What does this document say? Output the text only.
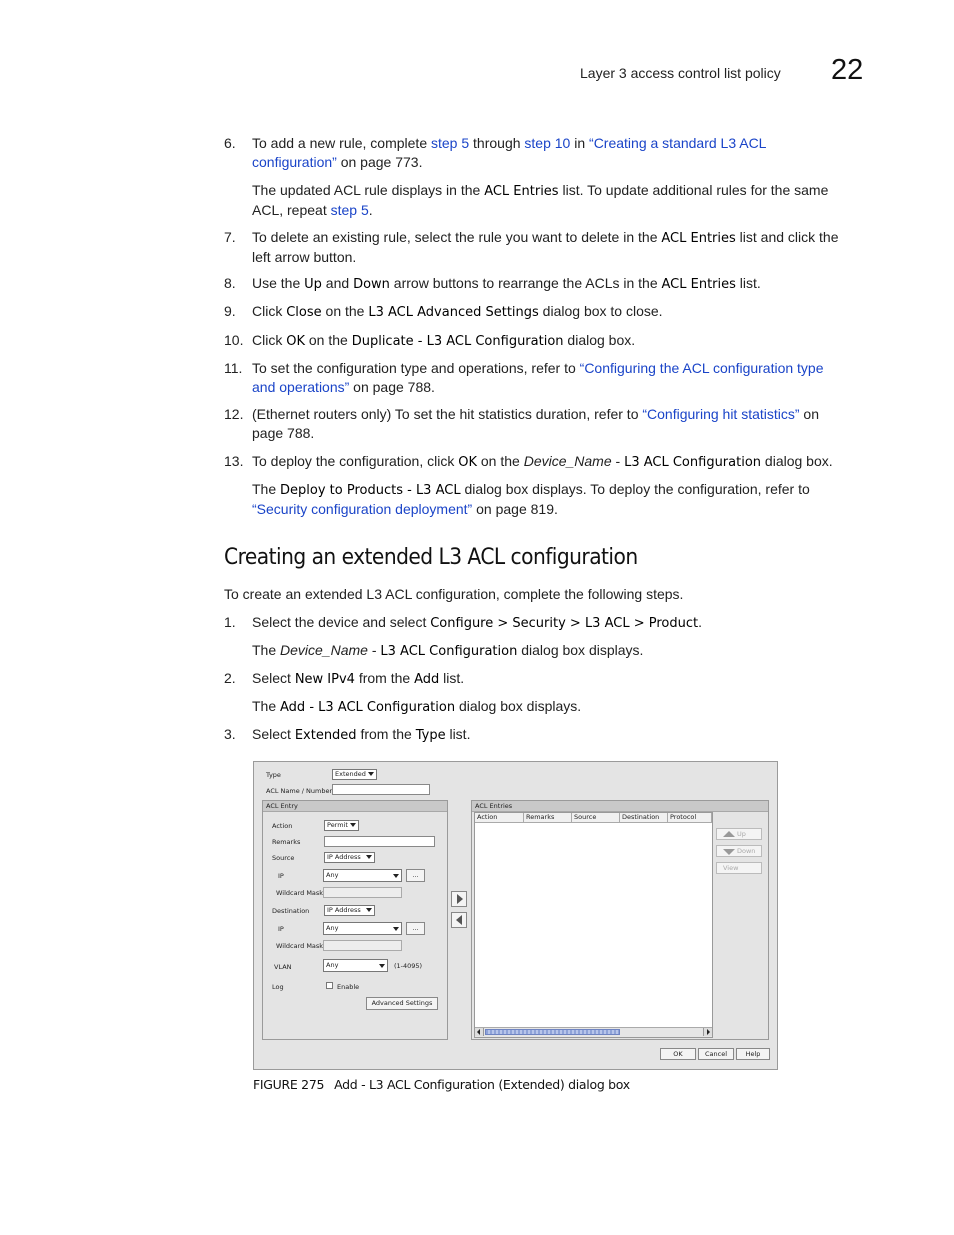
Layer 3 access control list policy 22
6. To add a new rule, complete step 5 through step 10 in “Creating a standard L3 ACL
configuration” on page 773.
The updated ACL rule displays in the ACL Entries list. To update additional rules for the same
ACL, repeat step 5.
7. To delete an existing rule, select the rule you want to delete in the ACL Entries list and click the
left arrow button.
8. Use the Up and Down arrow buttons to rearrange the ACLs in the ACL Entries list.
9. Click Close on the L3 ACL Advanced Settings dialog box to close.
10. Click OK on the Duplicate - L3 ACL Configuration dialog box.
11. To set the configuration type and operations, refer to “Configuring the ACL configuration type
and operations” on page 788.
12. (Ethernet routers only) To set the hit statistics duration, refer to “Configuring hit statistics” on
page 788.
13. To deploy the configuration, click OK on the Device_Name - L3 ACL Configuration dialog box.
The Deploy to Products - L3 ACL dialog box displays. To deploy the configuration, refer to
“Security configuration deployment” on page 819.
Creating an extended L3 ACL configuration
To create an extended L3 ACL configuration, complete the following steps.
1. Select the device and select Configure > Security > L3 ACL > Product.
The Device_Name - L3 ACL Configuration dialog box displays.
2. Select New IPv4 from the Add list.
The Add - L3 ACL Configuration dialog box displays.
3. Select Extended from the Type list.
Type	Extended
ACL Name / Number
ACL Entry
Action	Permit
Remarks
Source	IP Address
IP	Any	...
Wildcard Mask
Destination	IP Address
IP	Any	...
Wildcard Mask
VLAN	Any	(1-4095)
Log	Enable
Advanced Settings
ACL Entries
Action	Remarks	Source	Destination	Protocol
Up
Down
View
OK	Cancel	Help
FIGURE 275 Add - L3 ACL Configuration (Extended) dialog box
